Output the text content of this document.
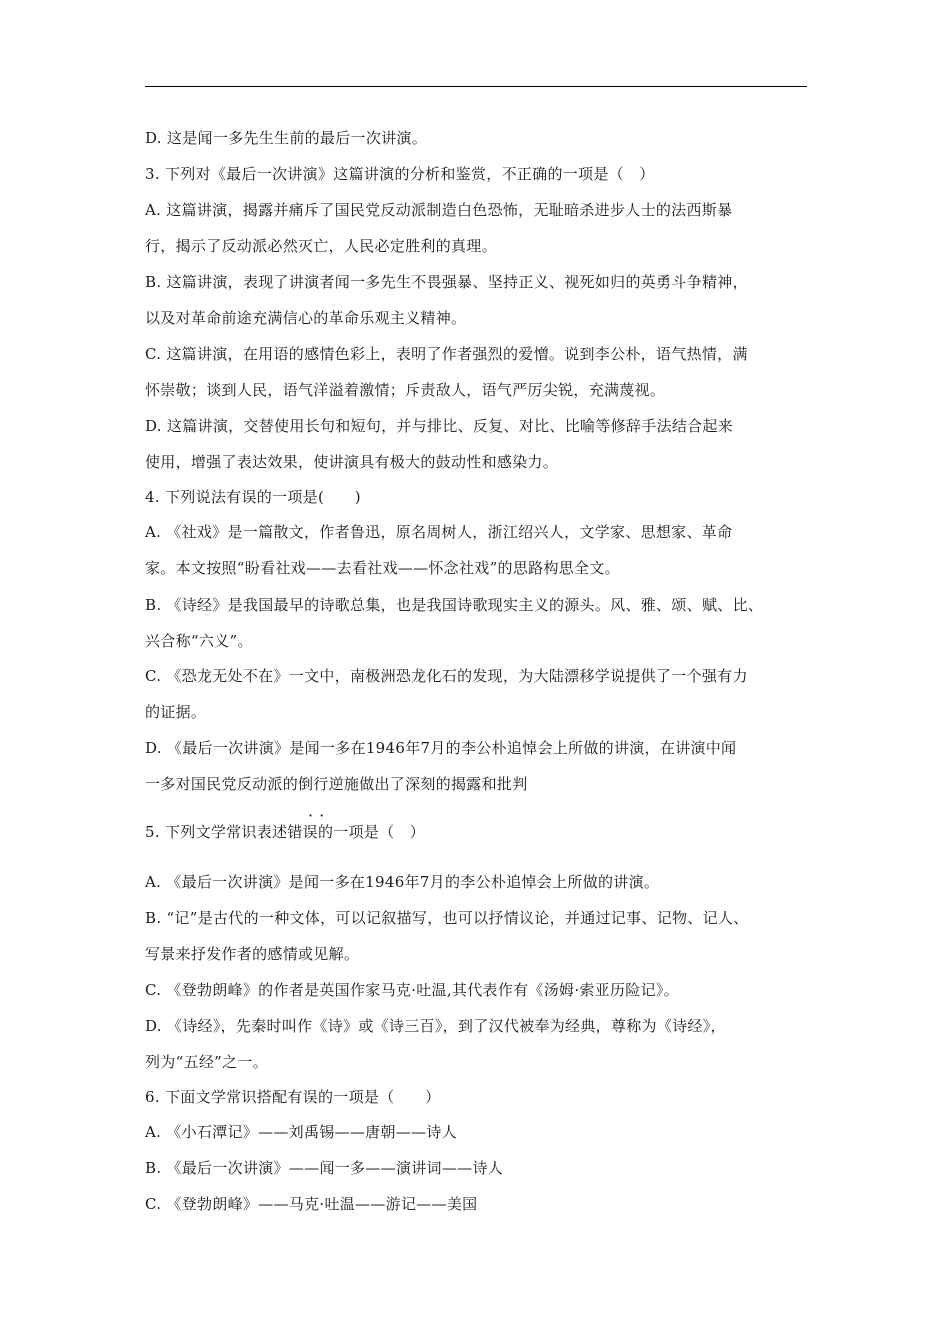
D. 这是闻一多先生生前的最后一次讲演。
3. 下列对《最后一次讲演》这篇讲演的分析和鉴赏，不正确的一项是（　）
A. 这篇讲演，揭露并痛斥了国民党反动派制造白色恐怖，无耻暗杀进步人士的法西斯暴
行，揭示了反动派必然灭亡，人民必定胜利的真理。
B. 这篇讲演，表现了讲演者闻一多先生不畏强暴、坚持正义、视死如归的英勇斗争精神，
以及对革命前途充满信心的革命乐观主义精神。
C. 这篇讲演，在用语的感情色彩上，表明了作者强烈的爱憎。说到李公朴，语气热情，满
怀崇敬；谈到人民，语气洋溢着激情；斥责敌人，语气严厉尖锐，充满蔑视。
D. 这篇讲演，交替使用长句和短句，并与排比、反复、对比、比喻等修辞手法结合起来
使用，增强了表达效果，使讲演具有极大的鼓动性和感染力。
4. 下列说法有误的一项是(　　)
A. 《社戏》是一篇散文，作者鲁迅，原名周树人，浙江绍兴人，文学家、思想家、革命
家。本文按照“盼看社戏——去看社戏——怀念社戏”的思路构思全文。
B. 《诗经》是我国最早的诗歌总集，也是我国诗歌现实主义的源头。风、雅、颂、赋、比、
兴合称“六义”。
C. 《恐龙无处不在》一文中，南极洲恐龙化石的发现，为大陆漂移学说提供了一个强有力
的证据。
D. 《最后一次讲演》是闻一多在1946年7月的李公朴追悼会上所做的讲演，在讲演中闻
一多对国民党反动派的倒行逆施做出了深刻的揭露和批判
··
5. 下列文学常识表述错误的一项是（　）
A. 《最后一次讲演》是闻一多在1946年7月的李公朴追悼会上所做的讲演。
B. “记”是古代的一种文体，可以记叙描写，也可以抒情议论，并通过记事、记物、记人、
写景来抒发作者的感情或见解。
C. 《登勃朗峰》的作者是英国作家马克·吐温,其代表作有《汤姆·索亚历险记》。
D. 《诗经》，先秦时叫作《诗》或《诗三百》，到了汉代被奉为经典，尊称为《诗经》，
列为“五经”之一。
6. 下面文学常识搭配有误的一项是（　　）
A. 《小石潭记》——刘禹锡——唐朝——诗人
B. 《最后一次讲演》——闻一多——演讲词——诗人
C. 《登勃朗峰》——马克·吐温——游记——美国
